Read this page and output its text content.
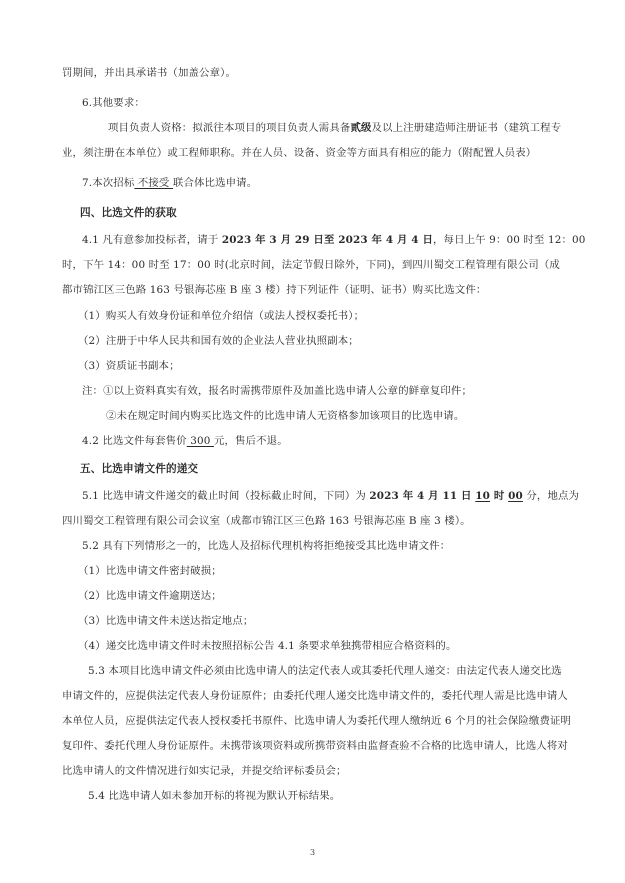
罚期间，并出具承诺书（加盖公章）。
6.其他要求：
项目负责人资格：拟派往本项目的项目负责人需具备贰级及以上注册建造师注册证书（建筑工程专
业，须注册在本单位）或工程师职称。并在人员、设备、资金等方面具有相应的能力（附配置人员表）
7.本次招标 不接受 联合体比选申请。
四、比选文件的获取
4.1 凡有意参加投标者，请于 2023 年 3 月 29 日至 2023 年 4 月 4 日，每日上午 9：00 时至 12：00
时，下午 14：00 时至 17：00 时(北京时间，法定节假日除外，下同)，到四川蜀交工程管理有限公司（成
都市锦江区三色路 163 号银海芯座 B 座 3 楼）持下列证件（证明、证书）购买比选文件：
（1）购买人有效身份证和单位介绍信（或法人授权委托书）；
（2）注册于中华人民共和国有效的企业法人营业执照副本；
（3）资质证书副本；
注：①以上资料真实有效，报名时需携带原件及加盖比选申请人公章的鲜章复印件；
②未在规定时间内购买比选文件的比选申请人无资格参加该项目的比选申请。
4.2 比选文件每套售价 300 元，售后不退。
五、比选申请文件的递交
5.1 比选申请文件递交的截止时间（投标截止时间，下同）为 2023 年 4 月 11 日 10 时 00 分，地点为
四川蜀交工程管理有限公司会议室（成都市锦江区三色路 163 号银海芯座 B 座 3 楼）。
5.2 具有下列情形之一的，比选人及招标代理机构将拒绝接受其比选申请文件：
（1）比选申请文件密封破损；
（2）比选申请文件逾期送达；
（3）比选申请文件未送达指定地点；
（4）递交比选申请文件时未按照招标公告 4.1 条要求单独携带相应合格资料的。
5.3 本项目比选申请文件必须由比选申请人的法定代表人或其委托代理人递交：由法定代表人递交比选
申请文件的，应提供法定代表人身份证原件；由委托代理人递交比选申请文件的，委托代理人需是比选申请人
本单位人员，应提供法定代表人授权委托书原件、比选申请人为委托代理人缴纳近 6 个月的社会保险缴费证明
复印件、委托代理人身份证原件。未携带该项资料或所携带资料由监督查验不合格的比选申请人，比选人将对
比选申请人的文件情况进行如实记录，并提交给评标委员会；
5.4 比选申请人如未参加开标的将视为默认开标结果。
3
